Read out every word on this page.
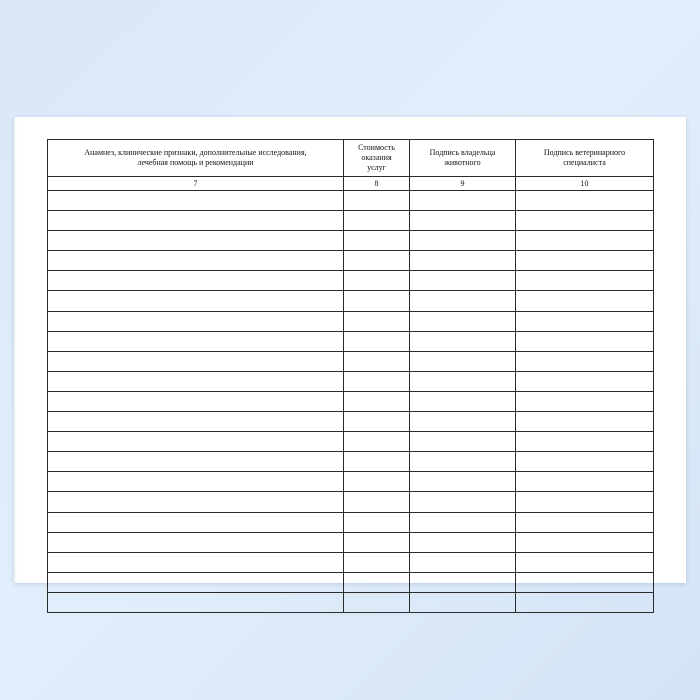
Анамнез, клинические признаки, дополнительные исследования,
лечебная помощь и рекомендации	Стоимость
оказания
услуг	Подпись владельца
животного	Подпись ветеринарного
специалиста

7	8	9	10
